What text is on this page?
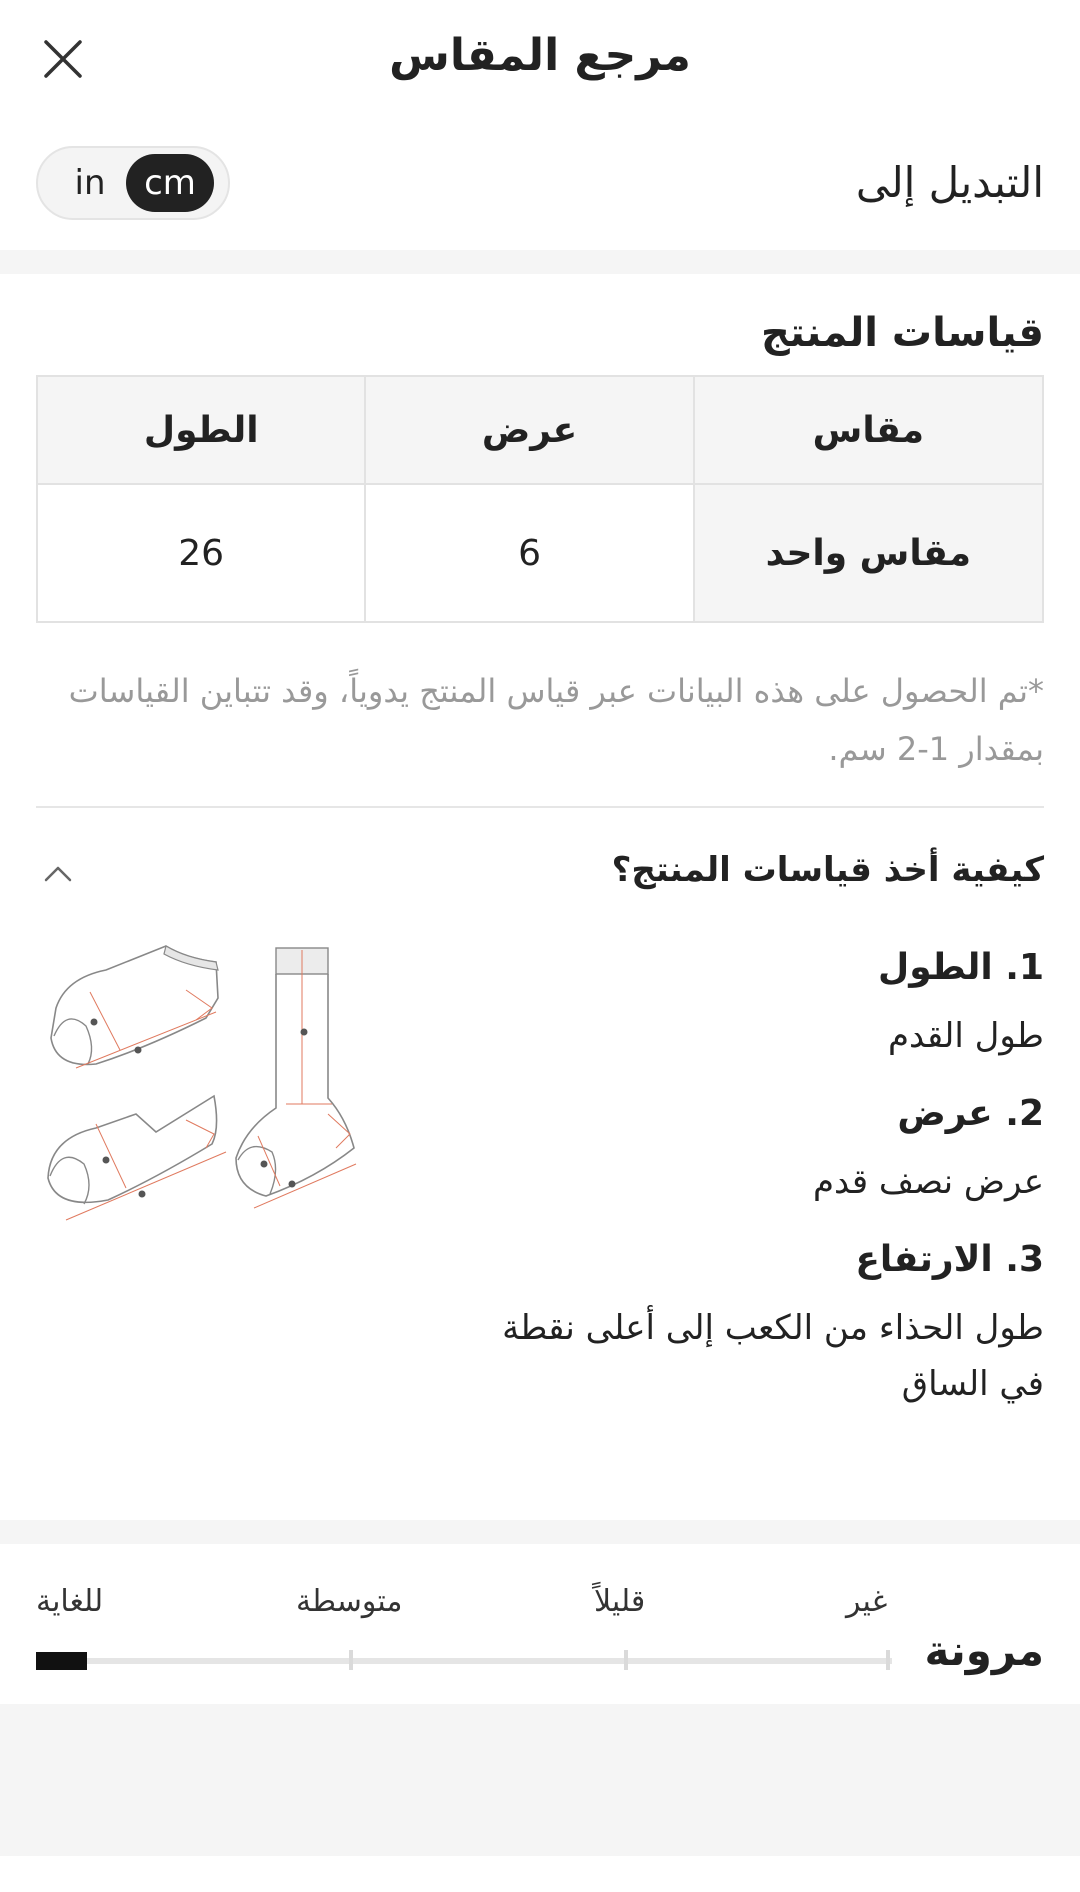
مرجع المقاس
التبديل إلى
in	cm
قياسات المنتج
مقاس	عرض	الطول
مقاس واحد	6	26
*تم الحصول على هذه البيانات عبر قياس المنتج يدوياً، وقد تتباين القياسات بمقدار 1-2 سم.
كيفية أخذ قياسات المنتج؟
1. الطول
طول القدم
2. عرض
عرض نصف قدم
3. الارتفاع
طول الحذاء من الكعب إلى أعلى نقطة في الساق
مرونة
غير
قليلاً
متوسطة
للغاية
